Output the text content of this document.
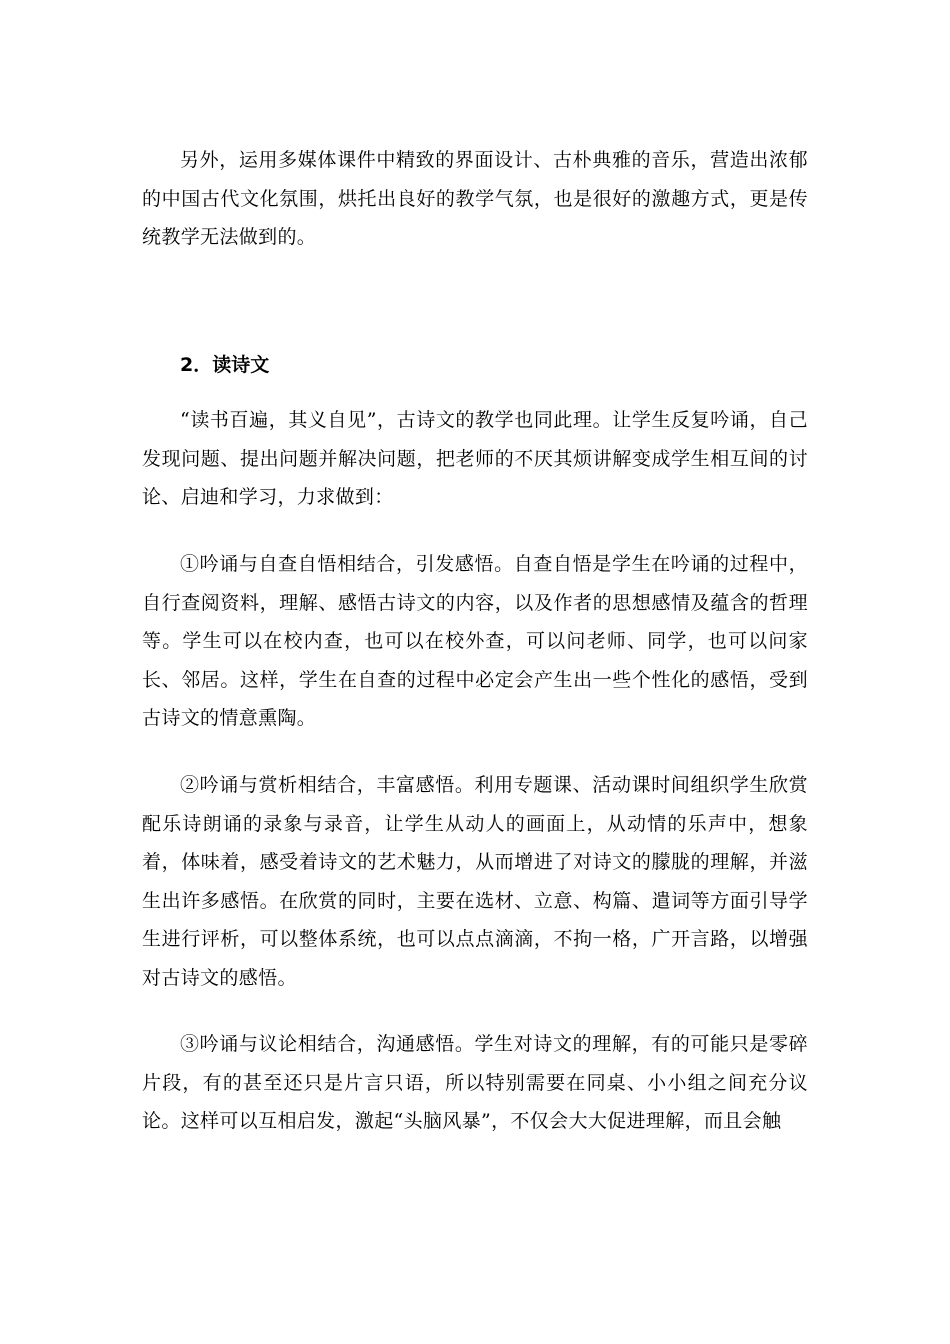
另外，运用多媒体课件中精致的界面设计、古朴典雅的音乐，营造出浓郁的中国古代文化氛围，烘托出良好的教学气氛，也是很好的激趣方式，更是传统教学无法做到的。

2．读诗文

“读书百遍，其义自见”，古诗文的教学也同此理。让学生反复吟诵，自己发现问题、提出问题并解决问题，把老师的不厌其烦讲解变成学生相互间的讨论、启迪和学习，力求做到：

①吟诵与自查自悟相结合，引发感悟。自查自悟是学生在吟诵的过程中，自行查阅资料，理解、感悟古诗文的内容，以及作者的思想感情及蕴含的哲理等。学生可以在校内查，也可以在校外查，可以问老师、同学，也可以问家长、邻居。这样，学生在自查的过程中必定会产生出一些个性化的感悟，受到古诗文的情意熏陶。

②吟诵与赏析相结合，丰富感悟。利用专题课、活动课时间组织学生欣赏配乐诗朗诵的录象与录音，让学生从动人的画面上，从动情的乐声中，想象着，体味着，感受着诗文的艺术魅力，从而增进了对诗文的朦胧的理解，并滋生出许多感悟。在欣赏的同时，主要在选材、立意、构篇、遣词等方面引导学生进行评析，可以整体系统，也可以点点滴滴，不拘一格，广开言路，以增强对古诗文的感悟。

③吟诵与议论相结合，沟通感悟。学生对诗文的理解，有的可能只是零碎片段，有的甚至还只是片言只语，所以特别需要在同桌、小小组之间充分议论。这样可以互相启发，激起“头脑风暴”，不仅会大大促进理解，而且会触
